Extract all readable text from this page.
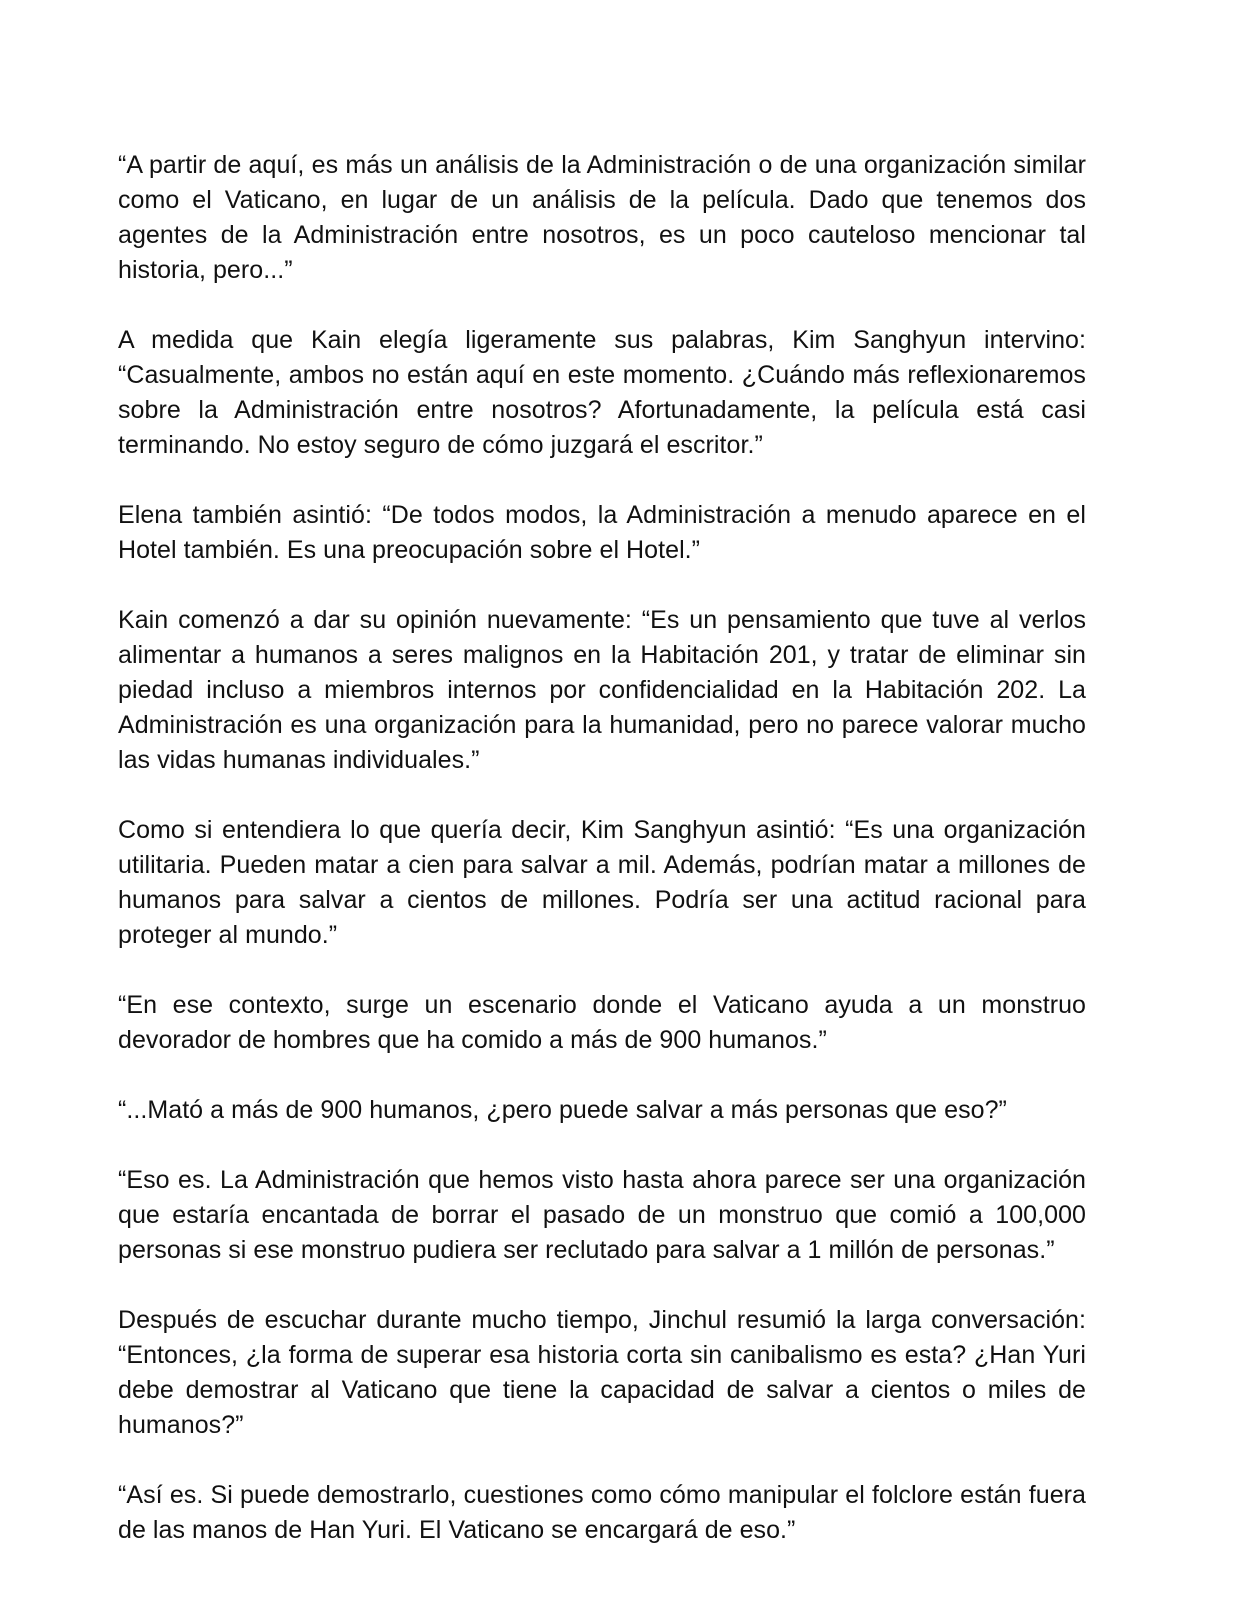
“A partir de aquí, es más un análisis de la Administración o de una organización similar como el Vaticano, en lugar de un análisis de la película. Dado que tenemos dos agentes de la Administración entre nosotros, es un poco cauteloso mencionar tal historia, pero...”

A medida que Kain elegía ligeramente sus palabras, Kim Sanghyun intervino: “Casualmente, ambos no están aquí en este momento. ¿Cuándo más reflexionaremos sobre la Administración entre nosotros? Afortunadamente, la película está casi terminando. No estoy seguro de cómo juzgará el escritor.”

Elena también asintió: “De todos modos, la Administración a menudo aparece en el Hotel también. Es una preocupación sobre el Hotel.”

Kain comenzó a dar su opinión nuevamente: “Es un pensamiento que tuve al verlos alimentar a humanos a seres malignos en la Habitación 201, y tratar de eliminar sin piedad incluso a miembros internos por confidencialidad en la Habitación 202. La Administración es una organización para la humanidad, pero no parece valorar mucho las vidas humanas individuales.”

Como si entendiera lo que quería decir, Kim Sanghyun asintió: “Es una organización utilitaria. Pueden matar a cien para salvar a mil. Además, podrían matar a millones de humanos para salvar a cientos de millones. Podría ser una actitud racional para proteger al mundo.”

“En ese contexto, surge un escenario donde el Vaticano ayuda a un monstruo devorador de hombres que ha comido a más de 900 humanos.”

“...Mató a más de 900 humanos, ¿pero puede salvar a más personas que eso?”

“Eso es. La Administración que hemos visto hasta ahora parece ser una organización que estaría encantada de borrar el pasado de un monstruo que comió a 100,000 personas si ese monstruo pudiera ser reclutado para salvar a 1 millón de personas.”

Después de escuchar durante mucho tiempo, Jinchul resumió la larga conversación: “Entonces, ¿la forma de superar esa historia corta sin canibalismo es esta? ¿Han Yuri debe demostrar al Vaticano que tiene la capacidad de salvar a cientos o miles de humanos?”

“Así es. Si puede demostrarlo, cuestiones como cómo manipular el folclore están fuera de las manos de Han Yuri. El Vaticano se encargará de eso.”
